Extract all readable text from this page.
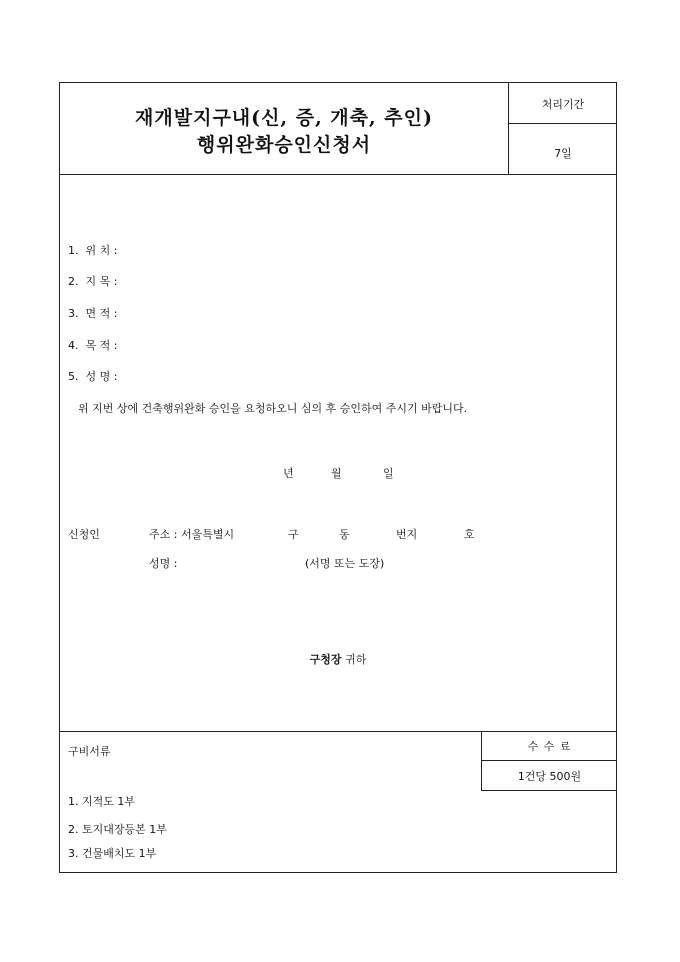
재개발지구내(신, 증, 개축, 추인)
행위완화승인신청서
처리기간
7일
1. 위 치 :
2. 지 목 :
3. 면 적 :
4. 목 적 :
5. 성 명 :
위 지번 상에 건축행위완화 승인을 요청하오니 심의 후 승인하여 주시기 바랍니다.
년	월	일
신청인	주소 : 서울특별시	구	동	번지	호
성명 :	(서명 또는 도장)
구청장 귀하
구비서류	수 수 료
1건당 500원
1. 지적도 1부
2. 토지대장등본 1부
3. 건물배치도 1부
